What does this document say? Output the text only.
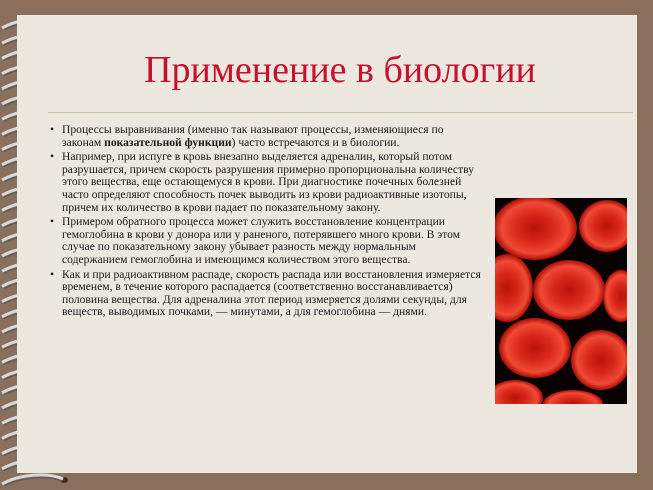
Применение в биологии
• Процессы выравнивания (именно так называют процессы, изменяющиеся по законам показательной функции) часто встречаются и в биологии.
• Например, при испуге в кровь внезапно выделяется адреналин, который потом разрушается, причем скорость разрушения примерно пропорциональна количеству этого вещества, еще остающемуся в крови. При диагностике почечных болезней часто определяют способность почек выводить из крови радиоактивные изотопы, причем их количество в крови падает по показательному закону.
• Примером обратного процесса может служить восстановление концентрации гемоглобина в крови у донора или у раненого, потерявшего много крови. В этом случае по показательному закону убывает разность между нормальным содержанием гемоглобина и имеющимся количеством этого вещества.
• Как и при радиоактивном распаде, скорость распада или восстановления измеряется временем, в течение которого распадается (соответственно восстанавливается) половина вещества. Для адреналина этот период измеряется долями секунды, для веществ, выводимых почками, — минутами, а для гемоглобина — днями.
